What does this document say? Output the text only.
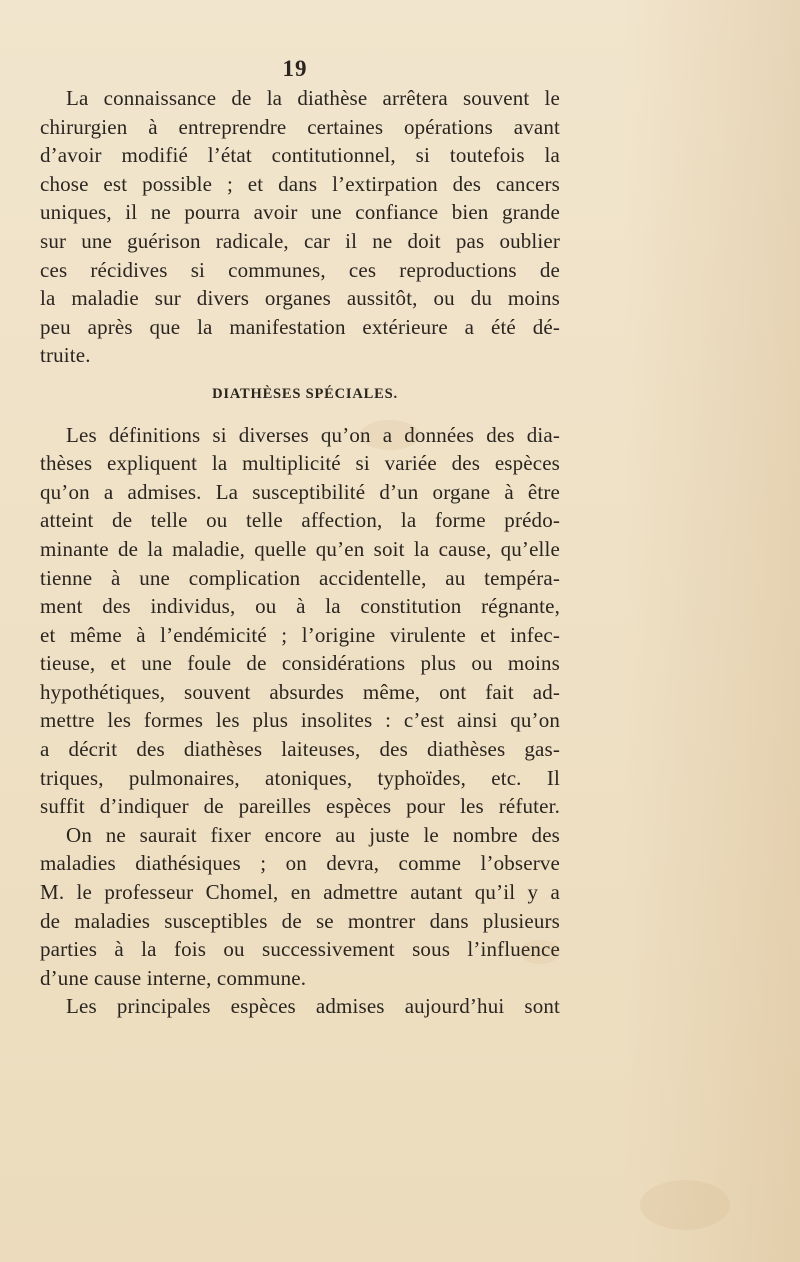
19
La connaissance de la diathèse arrêtera souvent le
chirurgien à entreprendre certaines opérations avant
d’avoir modifié l’état contitutionnel, si toutefois la
chose est possible ; et dans l’extirpation des cancers
uniques, il ne pourra avoir une confiance bien grande
sur une guérison radicale, car il ne doit pas oublier
ces récidives si communes, ces reproductions de
la maladie sur divers organes aussitôt, ou du moins
peu après que la manifestation extérieure a été dé-
truite.
DIATHÈSES SPÉCIALES.
Les définitions si diverses qu’on a données des dia-
thèses expliquent la multiplicité si variée des espèces
qu’on a admises. La susceptibilité d’un organe à être
atteint de telle ou telle affection, la forme prédo-
minante de la maladie, quelle qu’en soit la cause, qu’elle
tienne à une complication accidentelle, au tempéra-
ment des individus, ou à la constitution régnante,
et même à l’endémicité ; l’origine virulente et infec-
tieuse, et une foule de considérations plus ou moins
hypothétiques, souvent absurdes même, ont fait ad-
mettre les formes les plus insolites : c’est ainsi qu’on
a décrit des diathèses laiteuses, des diathèses gas-
triques, pulmonaires, atoniques, typhoïdes, etc. Il
suffit d’indiquer de pareilles espèces pour les réfuter.
On ne saurait fixer encore au juste le nombre des
maladies diathésiques ; on devra, comme l’observe
M. le professeur Chomel, en admettre autant qu’il y a
de maladies susceptibles de se montrer dans plusieurs
parties à la fois ou successivement sous l’influence
d’une cause interne, commune.
Les principales espèces admises aujourd’hui sont
